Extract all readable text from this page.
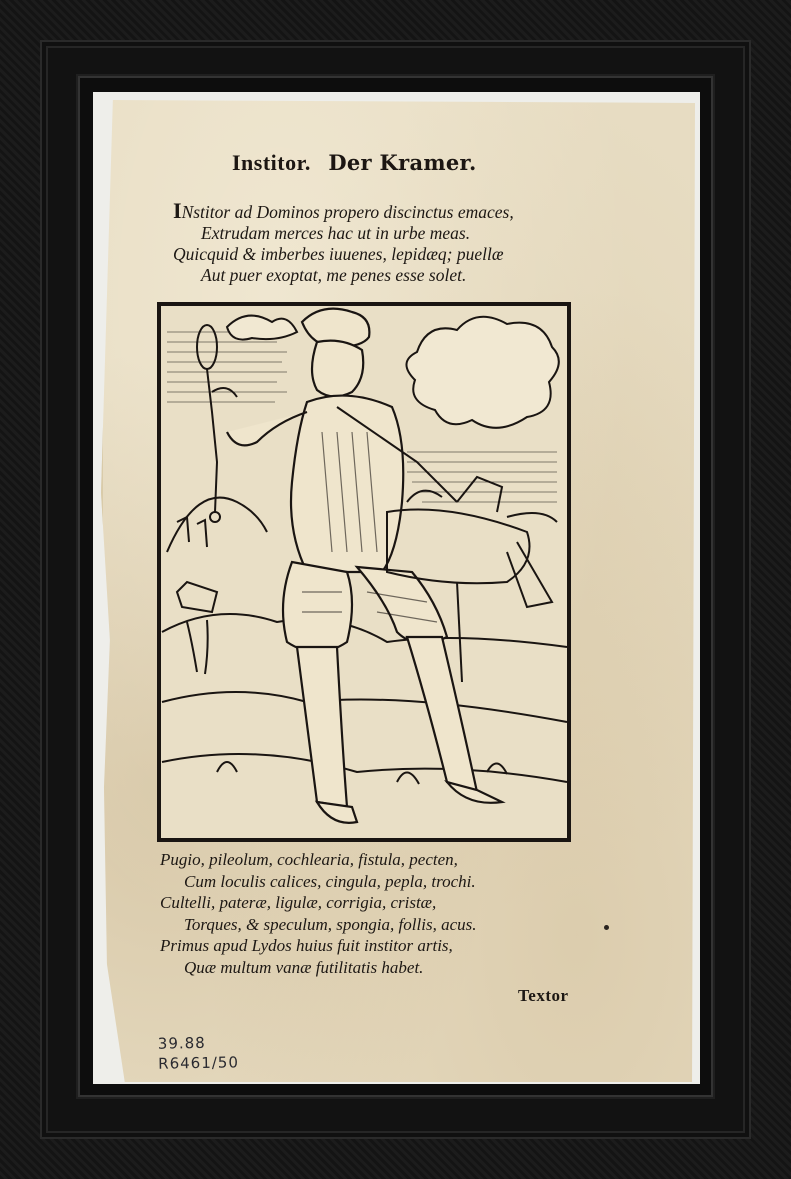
Institor. Der Kramer.
INstitor ad Dominos propero discinctus emaces,
Extrudam merces hac ut in urbe meas.
Quicquid & imberbes iuuenes, lepidæq; puellæ
Aut puer exoptat, me penes esse solet.
Pugio, pileolum, cochlearia, fistula, pecten,
Cum loculis calices, cingula, pepla, trochi.
Cultelli, pateræ, ligulæ, corrigia, cristæ,
Torques, & speculum, spongia, follis, acus.
Primus apud Lydos huius fuit institor artis,
Quæ multum vanæ futilitatis habet.
Textor
39.88
R6461/50
